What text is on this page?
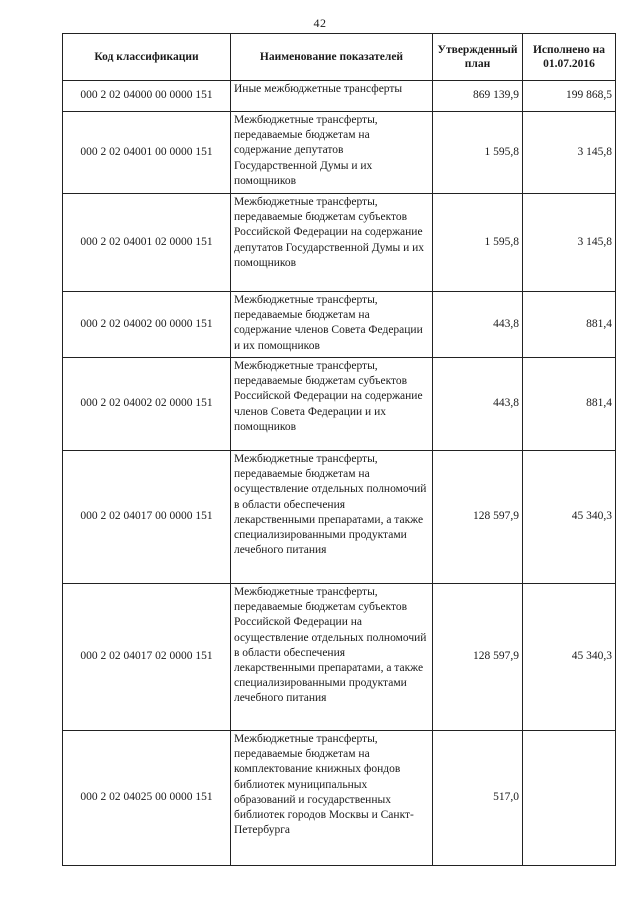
42
Код классификации	Наименование показателей	Утвержденный план	Исполнено на 01.07.2016
000 2 02 04000 00 0000 151	Иные межбюджетные трансферты	869 139,9	199 868,5
000 2 02 04001 00 0000 151	Межбюджетные трансферты, передаваемые бюджетам на содержание депутатов Государственной Думы и их помощников	1 595,8	3 145,8
000 2 02 04001 02 0000 151	Межбюджетные трансферты, передаваемые бюджетам субъектов Российской Федерации на содержание депутатов Государственной Думы и их помощников	1 595,8	3 145,8
000 2 02 04002 00 0000 151	Межбюджетные трансферты, передаваемые бюджетам на содержание членов Совета Федерации и их помощников	443,8	881,4
000 2 02 04002 02 0000 151	Межбюджетные трансферты, передаваемые бюджетам субъектов Российской Федерации на содержание членов Совета Федерации и их помощников	443,8	881,4
000 2 02 04017 00 0000 151	Межбюджетные трансферты, передаваемые бюджетам на осуществление отдельных полномочий в области обеспечения лекарственными препаратами, а также специализированными продуктами лечебного питания	128 597,9	45 340,3
000 2 02 04017 02 0000 151	Межбюджетные трансферты, передаваемые бюджетам субъектов Российской Федерации на осуществление отдельных полномочий в области обеспечения лекарственными препаратами, а также специализированными продуктами лечебного питания	128 597,9	45 340,3
000 2 02 04025 00 0000 151	Межбюджетные трансферты, передаваемые бюджетам на комплектование книжных фондов библиотек муниципальных образований и государственных библиотек городов Москвы и Санкт-Петербурга	517,0	
